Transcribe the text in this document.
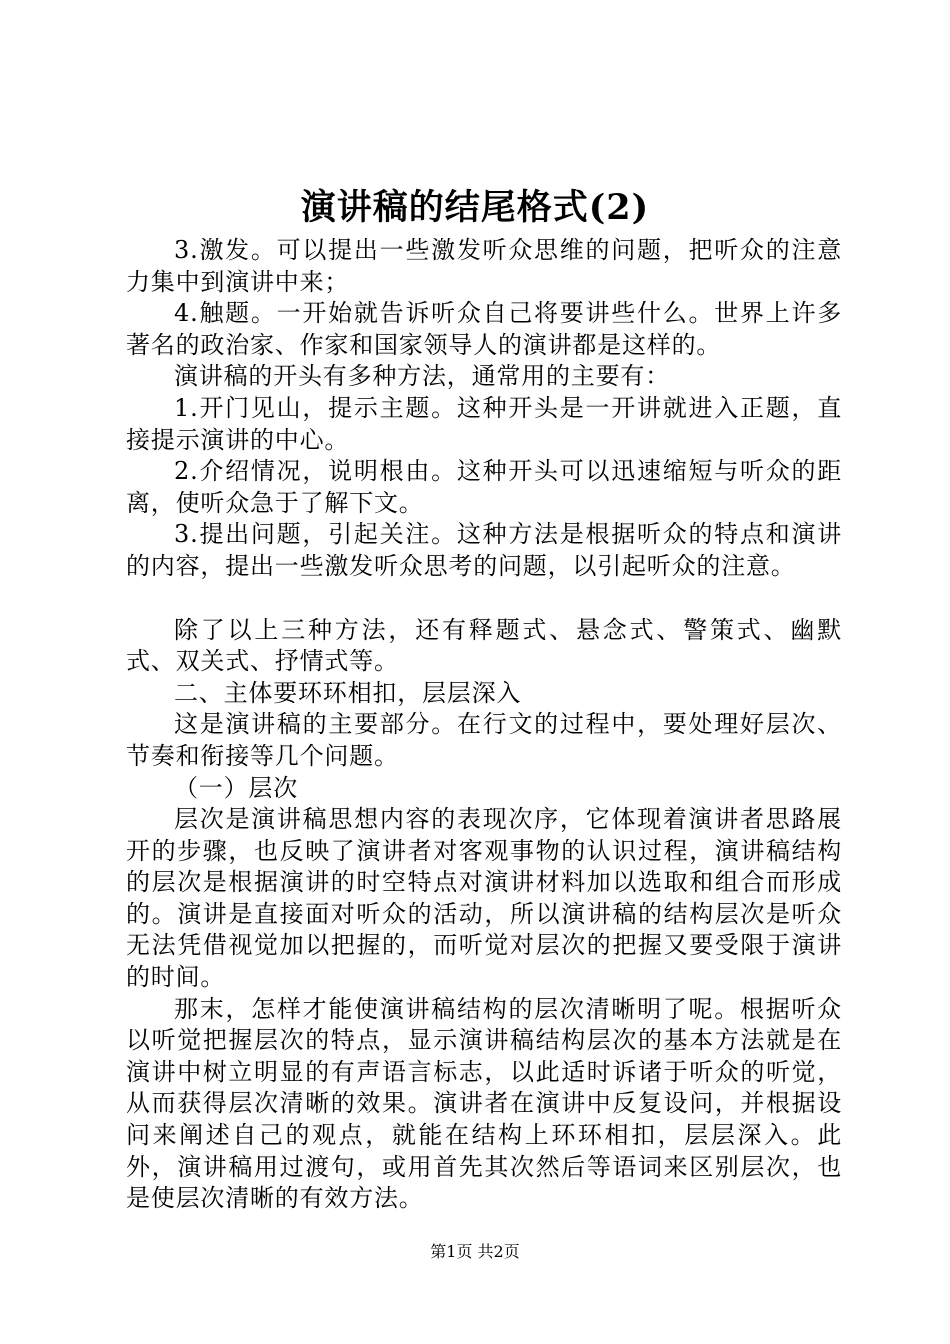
演讲稿的结尾格式(2)

3.激发。可以提出一些激发听众思维的问题，把听众的注意力集中到演讲中来；

4.触题。一开始就告诉听众自己将要讲些什么。世界上许多著名的政治家、作家和国家领导人的演讲都是这样的。

演讲稿的开头有多种方法，通常用的主要有：

1.开门见山，提示主题。这种开头是一开讲就进入正题，直接提示演讲的中心。

2.介绍情况，说明根由。这种开头可以迅速缩短与听众的距离，使听众急于了解下文。

3.提出问题，引起关注。这种方法是根据听众的特点和演讲的内容，提出一些激发听众思考的问题，以引起听众的注意。

除了以上三种方法，还有释题式、悬念式、警策式、幽默式、双关式、抒情式等。

二、主体要环环相扣，层层深入

这是演讲稿的主要部分。在行文的过程中，要处理好层次、节奏和衔接等几个问题。

（一）层次

层次是演讲稿思想内容的表现次序，它体现着演讲者思路展开的步骤，也反映了演讲者对客观事物的认识过程，演讲稿结构的层次是根据演讲的时空特点对演讲材料加以选取和组合而形成的。演讲是直接面对听众的活动，所以演讲稿的结构层次是听众无法凭借视觉加以把握的，而听觉对层次的把握又要受限于演讲的时间。

那末，怎样才能使演讲稿结构的层次清晰明了呢。根据听众以听觉把握层次的特点，显示演讲稿结构层次的基本方法就是在演讲中树立明显的有声语言标志，以此适时诉诸于听众的听觉，从而获得层次清晰的效果。演讲者在演讲中反复设问，并根据设问来阐述自己的观点，就能在结构上环环相扣，层层深入。此外，演讲稿用过渡句，或用首先其次然后等语词来区别层次，也是使层次清晰的有效方法。

第1页 共2页
